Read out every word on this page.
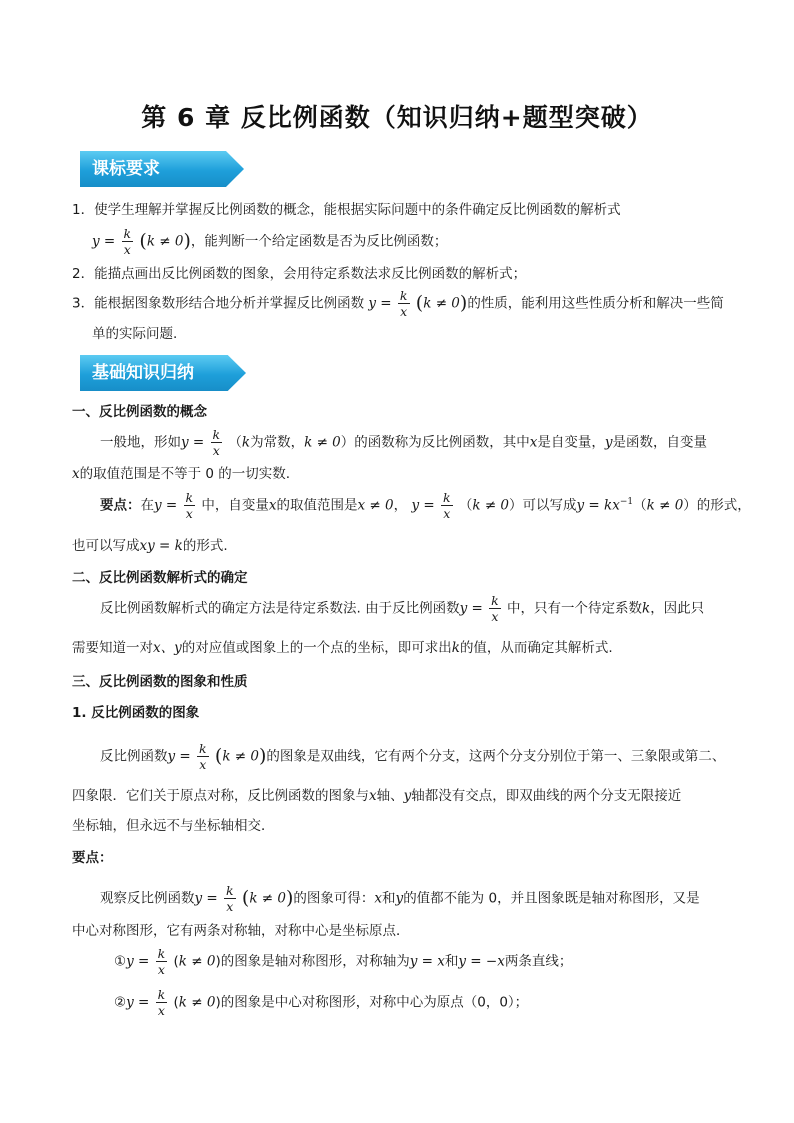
第 6 章 反比例函数（知识归纳+题型突破）
课标要求
1．使学生理解并掌握反比例函数的概念，能根据实际问题中的条件确定反比例函数的解析式
$y = \frac{k}{x} (k \ne 0)$，能判断一个给定函数是否为反比例函数；
2．能描点画出反比例函数的图象，会用待定系数法求反比例函数的解析式；
3．能根据图象数形结合地分析并掌握反比例函数 $y = \frac{k}{x} (k \ne 0)$的性质，能利用这些性质分析和解决一些简
单的实际问题.
基础知识归纳
一、反比例函数的概念
一般地，形如$y = \frac{k}{x} (k$为常数，k ≠ 0）的函数称为反比例函数，其中x是自变量，y是函数，自变量
x的取值范围是不等于 0 的一切实数.
要点：在$y = \frac{k}{x}$ 中，自变量x的取值范围是x ≠ 0， $y = \frac{k}{x} (k \ne 0)$可以写成$y = kx^{-1}(k \ne 0)$的形式，
也可以写成xy = k的形式.
二、反比例函数解析式的确定
反比例函数解析式的确定方法是待定系数法. 由于反比例函数$y = \frac{k}{x}$ 中，只有一个待定系数k，因此只
需要知道一对x、y的对应值或图象上的一个点的坐标，即可求出k的值，从而确定其解析式.
三、反比例函数的图象和性质
1. 反比例函数的图象
反比例函数$y = \frac{k}{x} (k \ne 0)$的图象是双曲线，它有两个分支，这两个分支分别位于第一、三象限或第二、
四象限．它们关于原点对称，反比例函数的图象与x轴、y轴都没有交点，即双曲线的两个分支无限接近
坐标轴，但永远不与坐标轴相交．
要点：
观察反比例函数$y = \frac{k}{x} (k \ne 0)$的图象可得：x和y的值都不能为 0，并且图象既是轴对称图形，又是
中心对称图形，它有两条对称轴，对称中心是坐标原点．
①y = $\frac{k}{x} (k \ne 0)$的图象是轴对称图形，对称轴为y = x和y = −x两条直线；
②y = $\frac{k}{x} (k \ne 0)$的图象是中心对称图形，对称中心为原点（0，0）；
